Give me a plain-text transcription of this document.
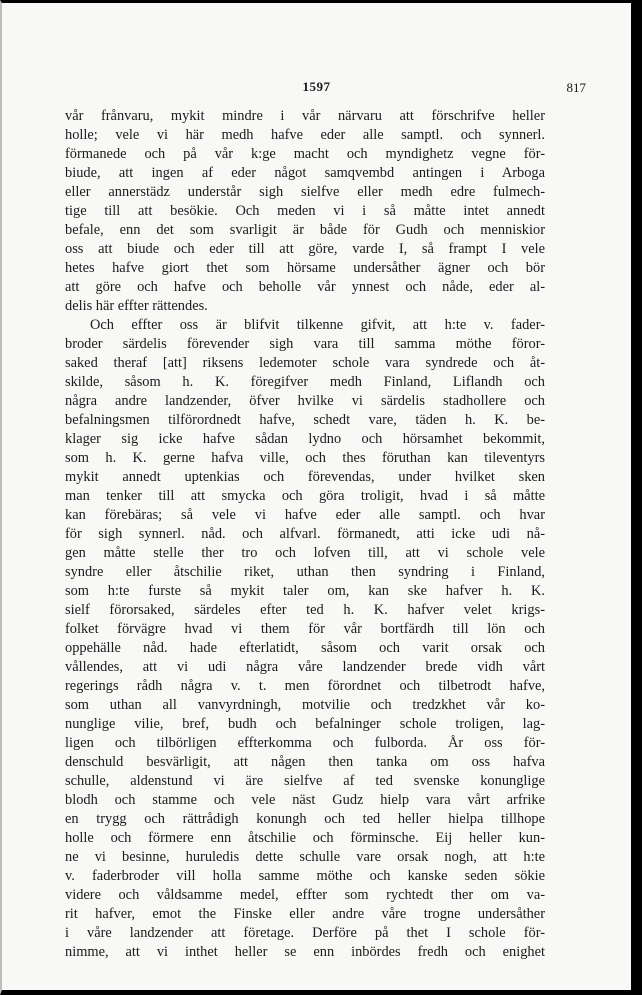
1597	817
vår frånvaru, mykit mindre i vår närvaru att förschrifve heller
holle; vele vi här medh hafve eder alle samptl. och synnerl.
förmanede och på vår k:ge macht och myndighetz vegne för-
biude, att ingen af eder något samqvembd antingen i Arboga
eller annerstädz understår sigh sielfve eller medh edre fulmech-
tige till att besökie. Och meden vi i så måtte intet annedt
befale, enn det som svarligit är både för Gudh och menniskior
oss att biude och eder till att göre, varde I, så frampt I vele
hetes hafve giort thet som hörsame undersåther ägner och bör
att göre och hafve och beholle vår ynnest och nåde, eder al-
delis här effter rättendes.
Och effter oss är blifvit tilkenne gifvit, att h:te v. fader-
broder särdelis förevender sigh vara till samma möthe föror-
saked theraf [att] riksens ledemoter schole vara syndrede och åt-
skilde, såsom h. K. föregifver medh Finland, Liflandh och
några andre landzender, öfver hvilke vi särdelis stadhollere och
befalningsmen tilförordnedt hafve, schedt vare, täden h. K. be-
klager sig icke hafve sådan lydno och hörsamhet bekommit,
som h. K. gerne hafva ville, och thes föruthan kan tileventyrs
mykit annedt uptenkias och förevendas, under hvilket sken
man tenker till att smycka och göra troligit, hvad i så måtte
kan förebäras; så vele vi hafve eder alle samptl. och hvar
för sigh synnerl. nåd. och alfvarl. förmanedt, atti icke udi nå-
gen måtte stelle ther tro och lofven till, att vi schole vele
syndre eller åtschilie riket, uthan then syndring i Finland,
som h:te furste så mykit taler om, kan ske hafver h. K.
sielf förorsaked, särdeles efter ted h. K. hafver velet krigs-
folket förvägre hvad vi them för vår bortfärdh till lön och
oppehälle nåd. hade efterlatidt, såsom och varit orsak och
vållendes, att vi udi några våre landzender brede vidh vårt
regerings rådh några v. t. men förordnet och tilbetrodt hafve,
som uthan all vanvyrdningh, motvilie och tredzkhet vår ko-
nunglige vilie, bref, budh och befalninger schole troligen, lag-
ligen och tilbörligen effterkomma och fulborda. År oss för-
denschuld besvärligit, att någen then tanka om oss hafva
schulle, aldenstund vi äre sielfve af ted svenske konunglige
blodh och stamme och vele näst Gudz hielp vara vårt arfrike
en trygg och rättrådigh konungh och ted heller hielpa tillhope
holle och förmere enn åtschilie och förminsche. Eij heller kun-
ne vi besinne, huruledis dette schulle vare orsak nogh, att h:te
v. faderbroder vill holla samme möthe och kanske seden sökie
videre och våldsamme medel, effter som rychtedt ther om va-
rit hafver, emot the Finske eller andre våre trogne undersåther
i våre landzender att företage. Derföre på thet I schole för-
nimme, att vi inthet heller se enn inbördes fredh och enighet
